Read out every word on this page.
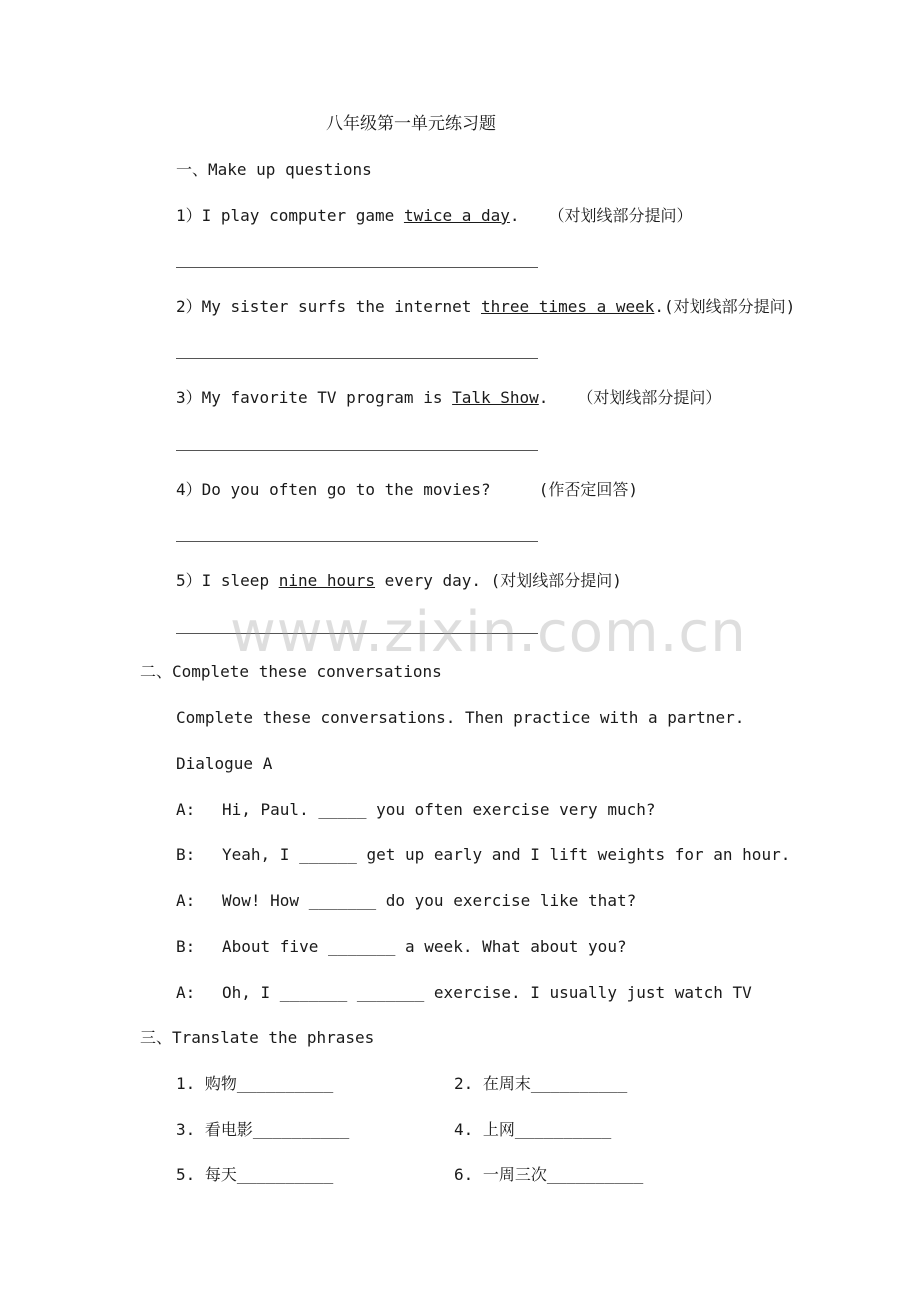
八年级第一单元练习题
一、Make up questions
1）I play computer game twice a day.   （对划线部分提问）
2）My sister surfs the internet three times a week.(对划线部分提问)
3）My favorite TV program is Talk Show.   （对划线部分提问）
4）Do you often go to the movies?     (作否定回答)
5）I sleep nine hours every day. (对划线部分提问)
www.zixin.com.cn
二、Complete these conversations
Complete these conversations. Then practice with a partner.
Dialogue A
A: Hi, Paul. _____ you often exercise very much?
B: Yeah, I ______ get up early and I lift weights for an hour.
A: Wow! How _______ do you exercise like that?
B: About five _______ a week. What about you?
A: Oh, I _______ _______ exercise. I usually just watch TV
三、Translate the phrases
1. 购物__________	2. 在周末__________
3. 看电影__________	4. 上网__________
5. 每天__________	6. 一周三次__________
